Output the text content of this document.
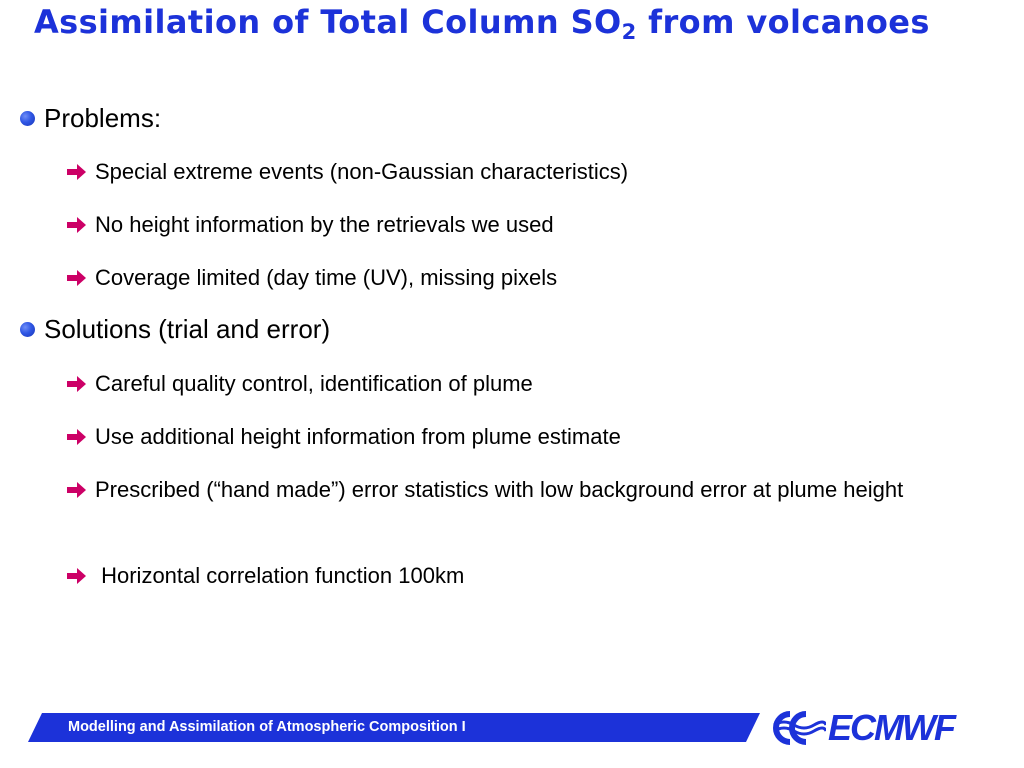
Assimilation of Total Column $SO_2$ from volcanoes
Problems:
Special extreme events (non-Gaussian characteristics)
No height information by the retrievals we used
Coverage limited (day time (UV), missing pixels
Solutions (trial and error)
Careful quality control, identification of plume
Use additional height information from plume estimate
Prescribed (“hand made”) error statistics with low background error at plume height
Horizontal correlation function 100km
Modelling and Assimilation of Atmospheric Composition I	ECMWF
